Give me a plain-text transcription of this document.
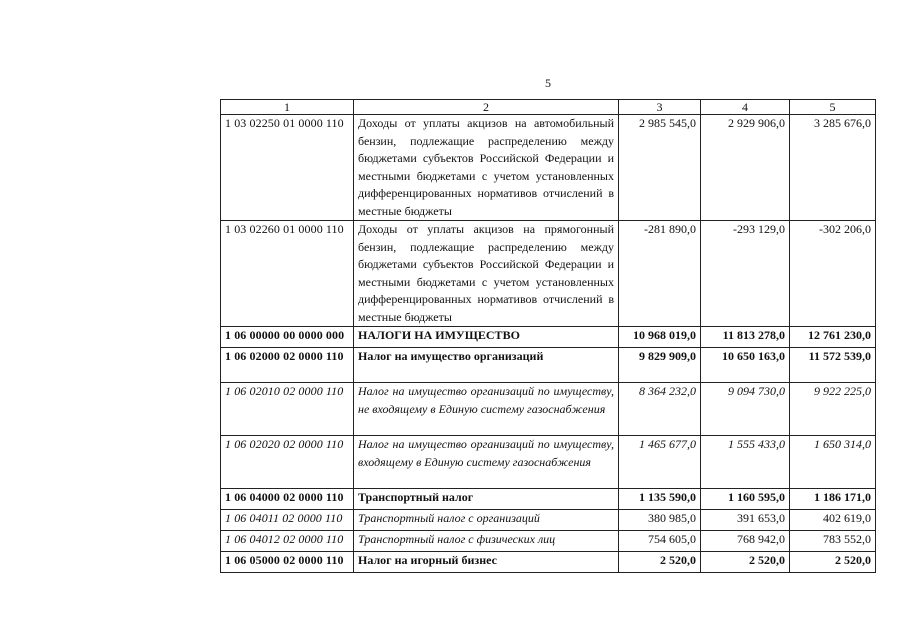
5
1	2	3	4	5
1 03 02250 01 0000 110	Доходы от уплаты акцизов на автомобильный бензин, подлежащие распределению между бюджетами субъектов Российской Федерации и местными бюджетами с учетом установленных дифференцированных нормативов отчислений в местные бюджеты	2 985 545,0	2 929 906,0	3 285 676,0
1 03 02260 01 0000 110	Доходы от уплаты акцизов на прямогонный бензин, подлежащие распределению между бюджетами субъектов Российской Федерации и местными бюджетами с учетом установленных дифференцированных нормативов отчислений в местные бюджеты	-281 890,0	-293 129,0	-302 206,0
1 06 00000 00 0000 000	НАЛОГИ НА ИМУЩЕСТВО	10 968 019,0	11 813 278,0	12 761 230,0
1 06 02000 02 0000 110	Налог на имущество организаций	9 829 909,0	10 650 163,0	11 572 539,0
1 06 02010 02 0000 110	Налог на имущество организаций по имуществу, не входящему в Единую систему газоснабжения	8 364 232,0	9 094 730,0	9 922 225,0
1 06 02020 02 0000 110	Налог на имущество организаций по имуществу, входящему в Единую систему газоснабжения	1 465 677,0	1 555 433,0	1 650 314,0
1 06 04000 02 0000 110	Транспортный налог	1 135 590,0	1 160 595,0	1 186 171,0
1 06 04011 02 0000 110	Транспортный налог с организаций	380 985,0	391 653,0	402 619,0
1 06 04012 02 0000 110	Транспортный налог с физических лиц	754 605,0	768 942,0	783 552,0
1 06 05000 02 0000 110	Налог на игорный бизнес	2 520,0	2 520,0	2 520,0
